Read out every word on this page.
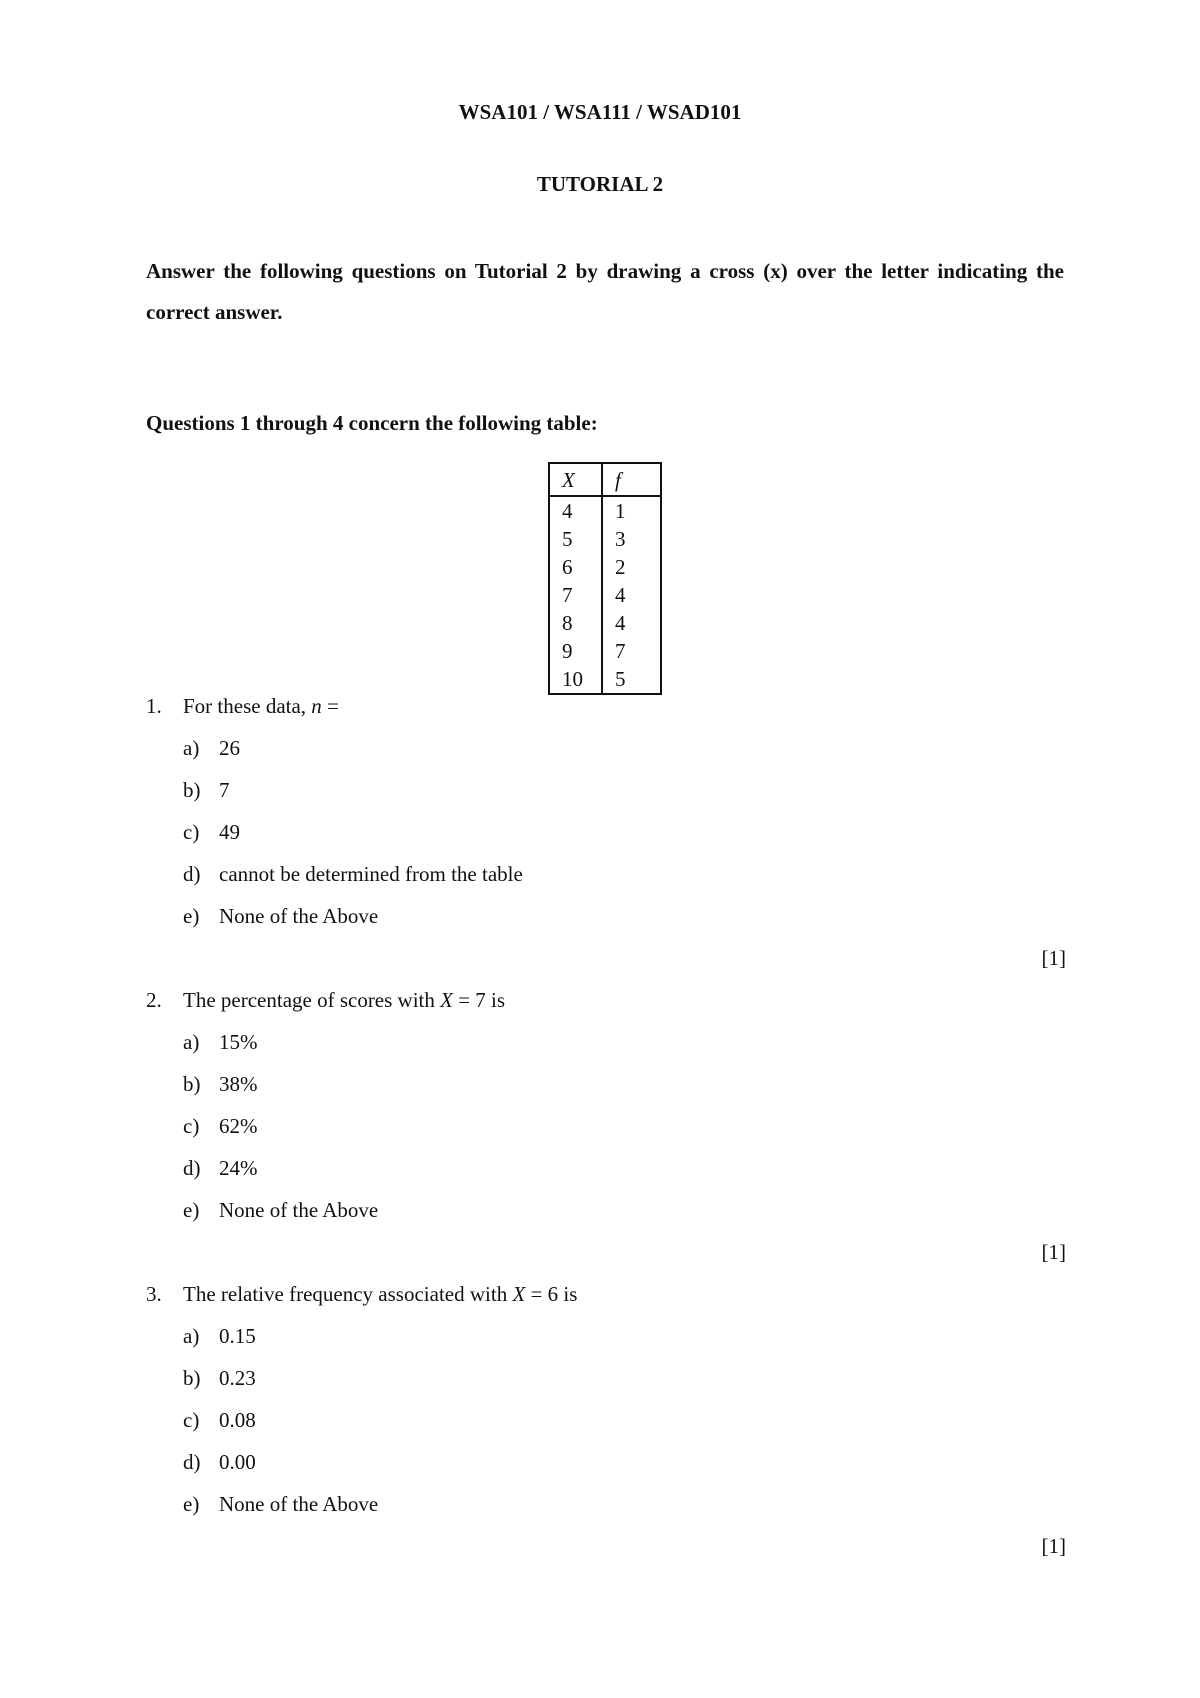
WSA101 / WSA111 / WSAD101
TUTORIAL 2
Answer the following questions on Tutorial 2 by drawing a cross (x) over the letter indicating the correct answer.
Questions 1 through 4 concern the following table:
X	f
4	1
5	3
6	2
7	4
8	4
9	7
10	5
1. For these data, n =
a) 26
b) 7
c) 49
d) cannot be determined from the table
e) None of the Above
[1]
2. The percentage of scores with X = 7 is
a) 15%
b) 38%
c) 62%
d) 24%
e) None of the Above
[1]
3. The relative frequency associated with X = 6 is
a) 0.15
b) 0.23
c) 0.08
d) 0.00
e) None of the Above
[1]
